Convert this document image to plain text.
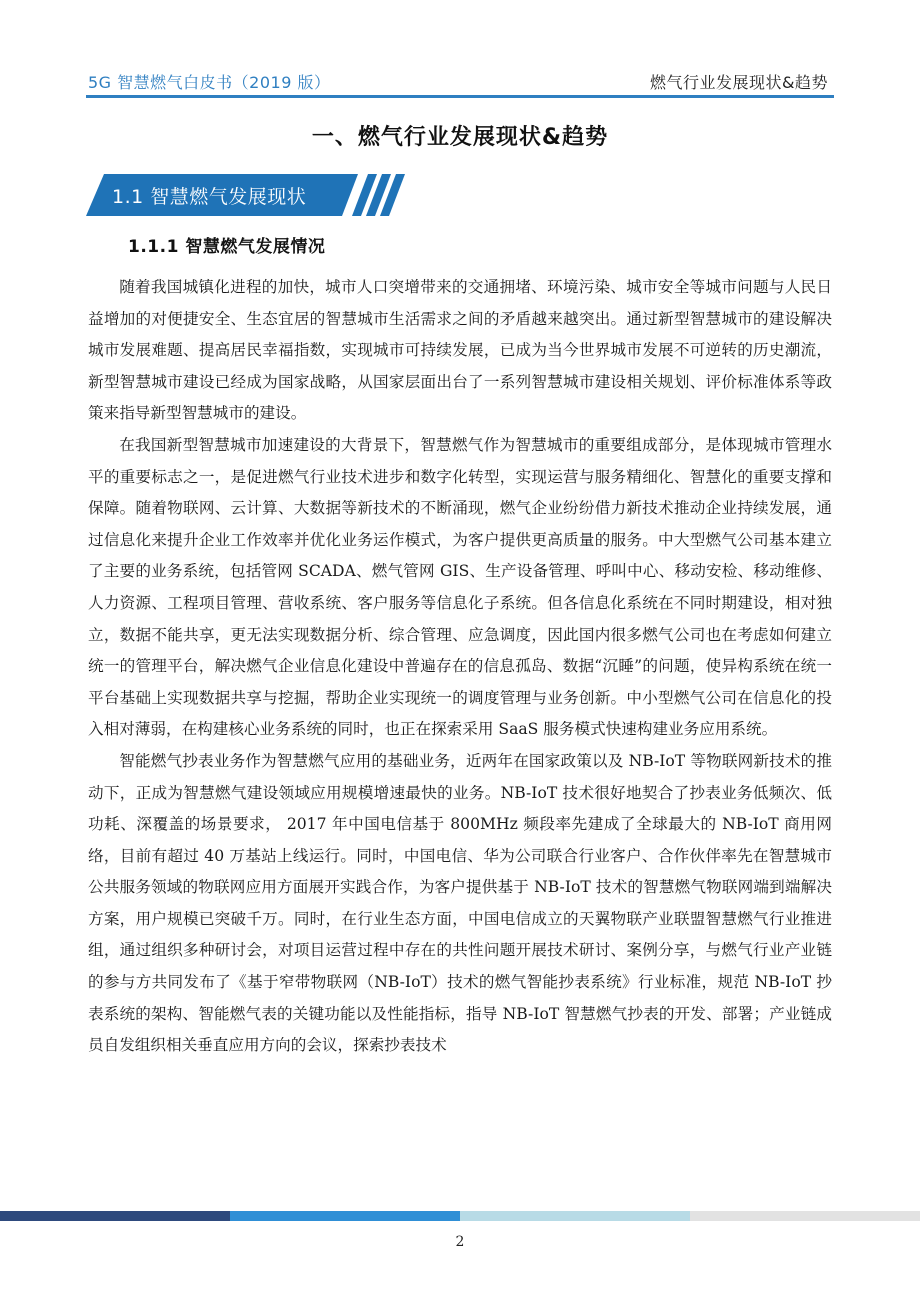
5G 智慧燃气白皮书（2019 版）	燃气行业发展现状&趋势
一、燃气行业发展现状&趋势
1.1 智慧燃气发展现状
1.1.1 智慧燃气发展情况

随着我国城镇化进程的加快，城市人口突增带来的交通拥堵、环境污染、城市安全等城市问题与人民日益增加的对便捷安全、生态宜居的智慧城市生活需求之间的矛盾越来越突出。通过新型智慧城市的建设解决城市发展难题、提高居民幸福指数，实现城市可持续发展，已成为当今世界城市发展不可逆转的历史潮流，新型智慧城市建设已经成为国家战略，从国家层面出台了一系列智慧城市建设相关规划、评价标准体系等政策来指导新型智慧城市的建设。

在我国新型智慧城市加速建设的大背景下，智慧燃气作为智慧城市的重要组成部分，是体现城市管理水平的重要标志之一，是促进燃气行业技术进步和数字化转型，实现运营与服务精细化、智慧化的重要支撑和保障。随着物联网、云计算、大数据等新技术的不断涌现，燃气企业纷纷借力新技术推动企业持续发展，通过信息化来提升企业工作效率并优化业务运作模式，为客户提供更高质量的服务。中大型燃气公司基本建立了主要的业务系统，包括管网 SCADA、燃气管网 GIS、生产设备管理、呼叫中心、移动安检、移动维修、人力资源、工程项目管理、营收系统、客户服务等信息化子系统。但各信息化系统在不同时期建设，相对独立，数据不能共享，更无法实现数据分析、综合管理、应急调度，因此国内很多燃气公司也在考虑如何建立统一的管理平台，解决燃气企业信息化建设中普遍存在的信息孤岛、数据“沉睡”的问题，使异构系统在统一平台基础上实现数据共享与挖掘，帮助企业实现统一的调度管理与业务创新。中小型燃气公司在信息化的投入相对薄弱，在构建核心业务系统的同时，也正在探索采用 SaaS 服务模式快速构建业务应用系统。

智能燃气抄表业务作为智慧燃气应用的基础业务，近两年在国家政策以及 NB-IoT 等物联网新技术的推动下，正成为智慧燃气建设领域应用规模增速最快的业务。NB-IoT 技术很好地契合了抄表业务低频次、低功耗、深覆盖的场景要求， 2017 年中国电信基于 800MHz 频段率先建成了全球最大的 NB-IoT 商用网络，目前有超过 40 万基站上线运行。同时，中国电信、华为公司联合行业客户、合作伙伴率先在智慧城市公共服务领域的物联网应用方面展开实践合作，为客户提供基于 NB-IoT 技术的智慧燃气物联网端到端解决方案，用户规模已突破千万。同时，在行业生态方面，中国电信成立的天翼物联产业联盟智慧燃气行业推进组，通过组织多种研讨会，对项目运营过程中存在的共性问题开展技术研讨、案例分享，与燃气行业产业链的参与方共同发布了《基于窄带物联网（NB-IoT）技术的燃气智能抄表系统》行业标准，规范 NB-IoT 抄表系统的架构、智能燃气表的关键功能以及性能指标，指导 NB-IoT 智慧燃气抄表的开发、部署；产业链成员自发组织相关垂直应用方向的会议，探索抄表技术

2
